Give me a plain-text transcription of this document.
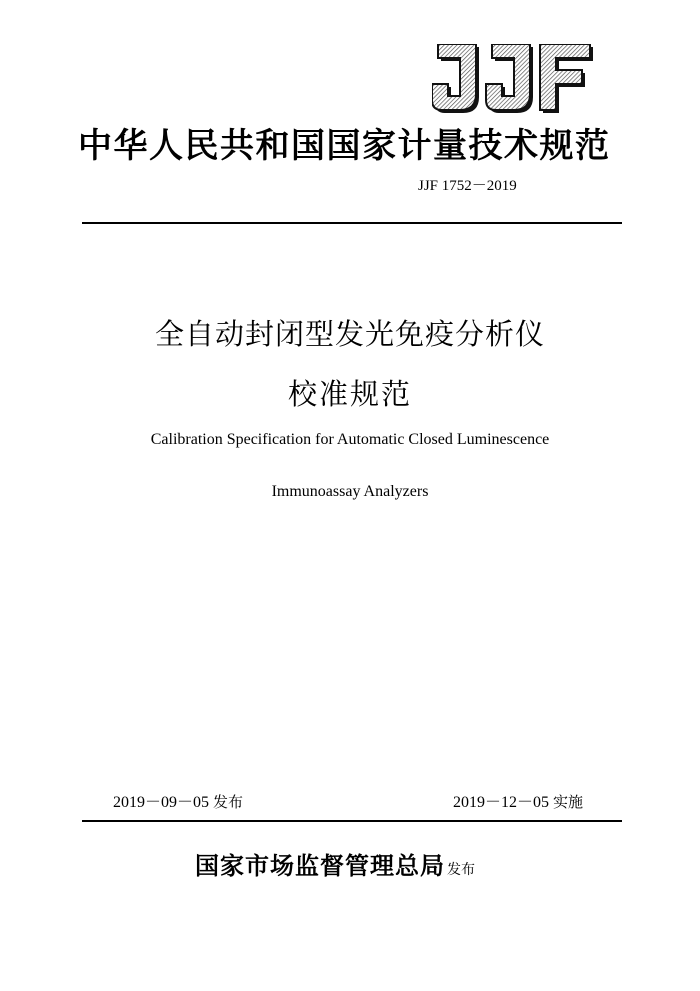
中华人民共和国国家计量技术规范
JJF 1752－2019
全自动封闭型发光免疫分析仪
校准规范
Calibration Specification for Automatic Closed Luminescence
Immunoassay Analyzers
2019－09－05 发布	2019－12－05 实施
国家市场监督管理总局 发布
